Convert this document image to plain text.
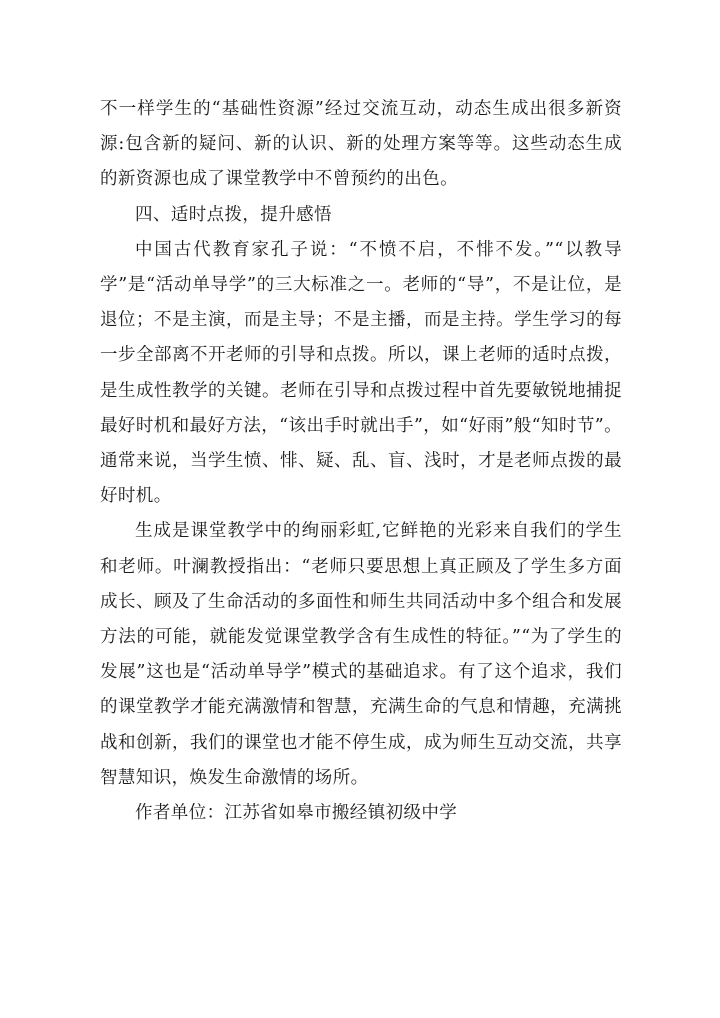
不一样学生的“基础性资源”经过交流互动，动态生成出很多新资源:包含新的疑问、新的认识、新的处理方案等等。这些动态生成的新资源也成了课堂教学中不曾预约的出色。

四、适时点拨，提升感悟

中国古代教育家孔子说：“不愤不启，不悱不发。”“以教导学”是“活动单导学”的三大标准之一。老师的“导”，不是让位，是退位；不是主演，而是主导；不是主播，而是主持。学生学习的每一步全部离不开老师的引导和点拨。所以，课上老师的适时点拨，是生成性教学的关键。老师在引导和点拨过程中首先要敏锐地捕捉最好时机和最好方法，“该出手时就出手”，如“好雨”般“知时节”。通常来说，当学生愤、悱、疑、乱、盲、浅时，才是老师点拨的最好时机。

生成是课堂教学中的绚丽彩虹,它鲜艳的光彩来自我们的学生和老师。叶澜教授指出：“老师只要思想上真正顾及了学生多方面成长、顾及了生命活动的多面性和师生共同活动中多个组合和发展方法的可能，就能发觉课堂教学含有生成性的特征。”“为了学生的发展”这也是“活动单导学”模式的基础追求。有了这个追求，我们的课堂教学才能充满激情和智慧，充满生命的气息和情趣，充满挑战和创新，我们的课堂也才能不停生成，成为师生互动交流，共享智慧知识，焕发生命激情的场所。

作者单位：江苏省如皋市搬经镇初级中学
